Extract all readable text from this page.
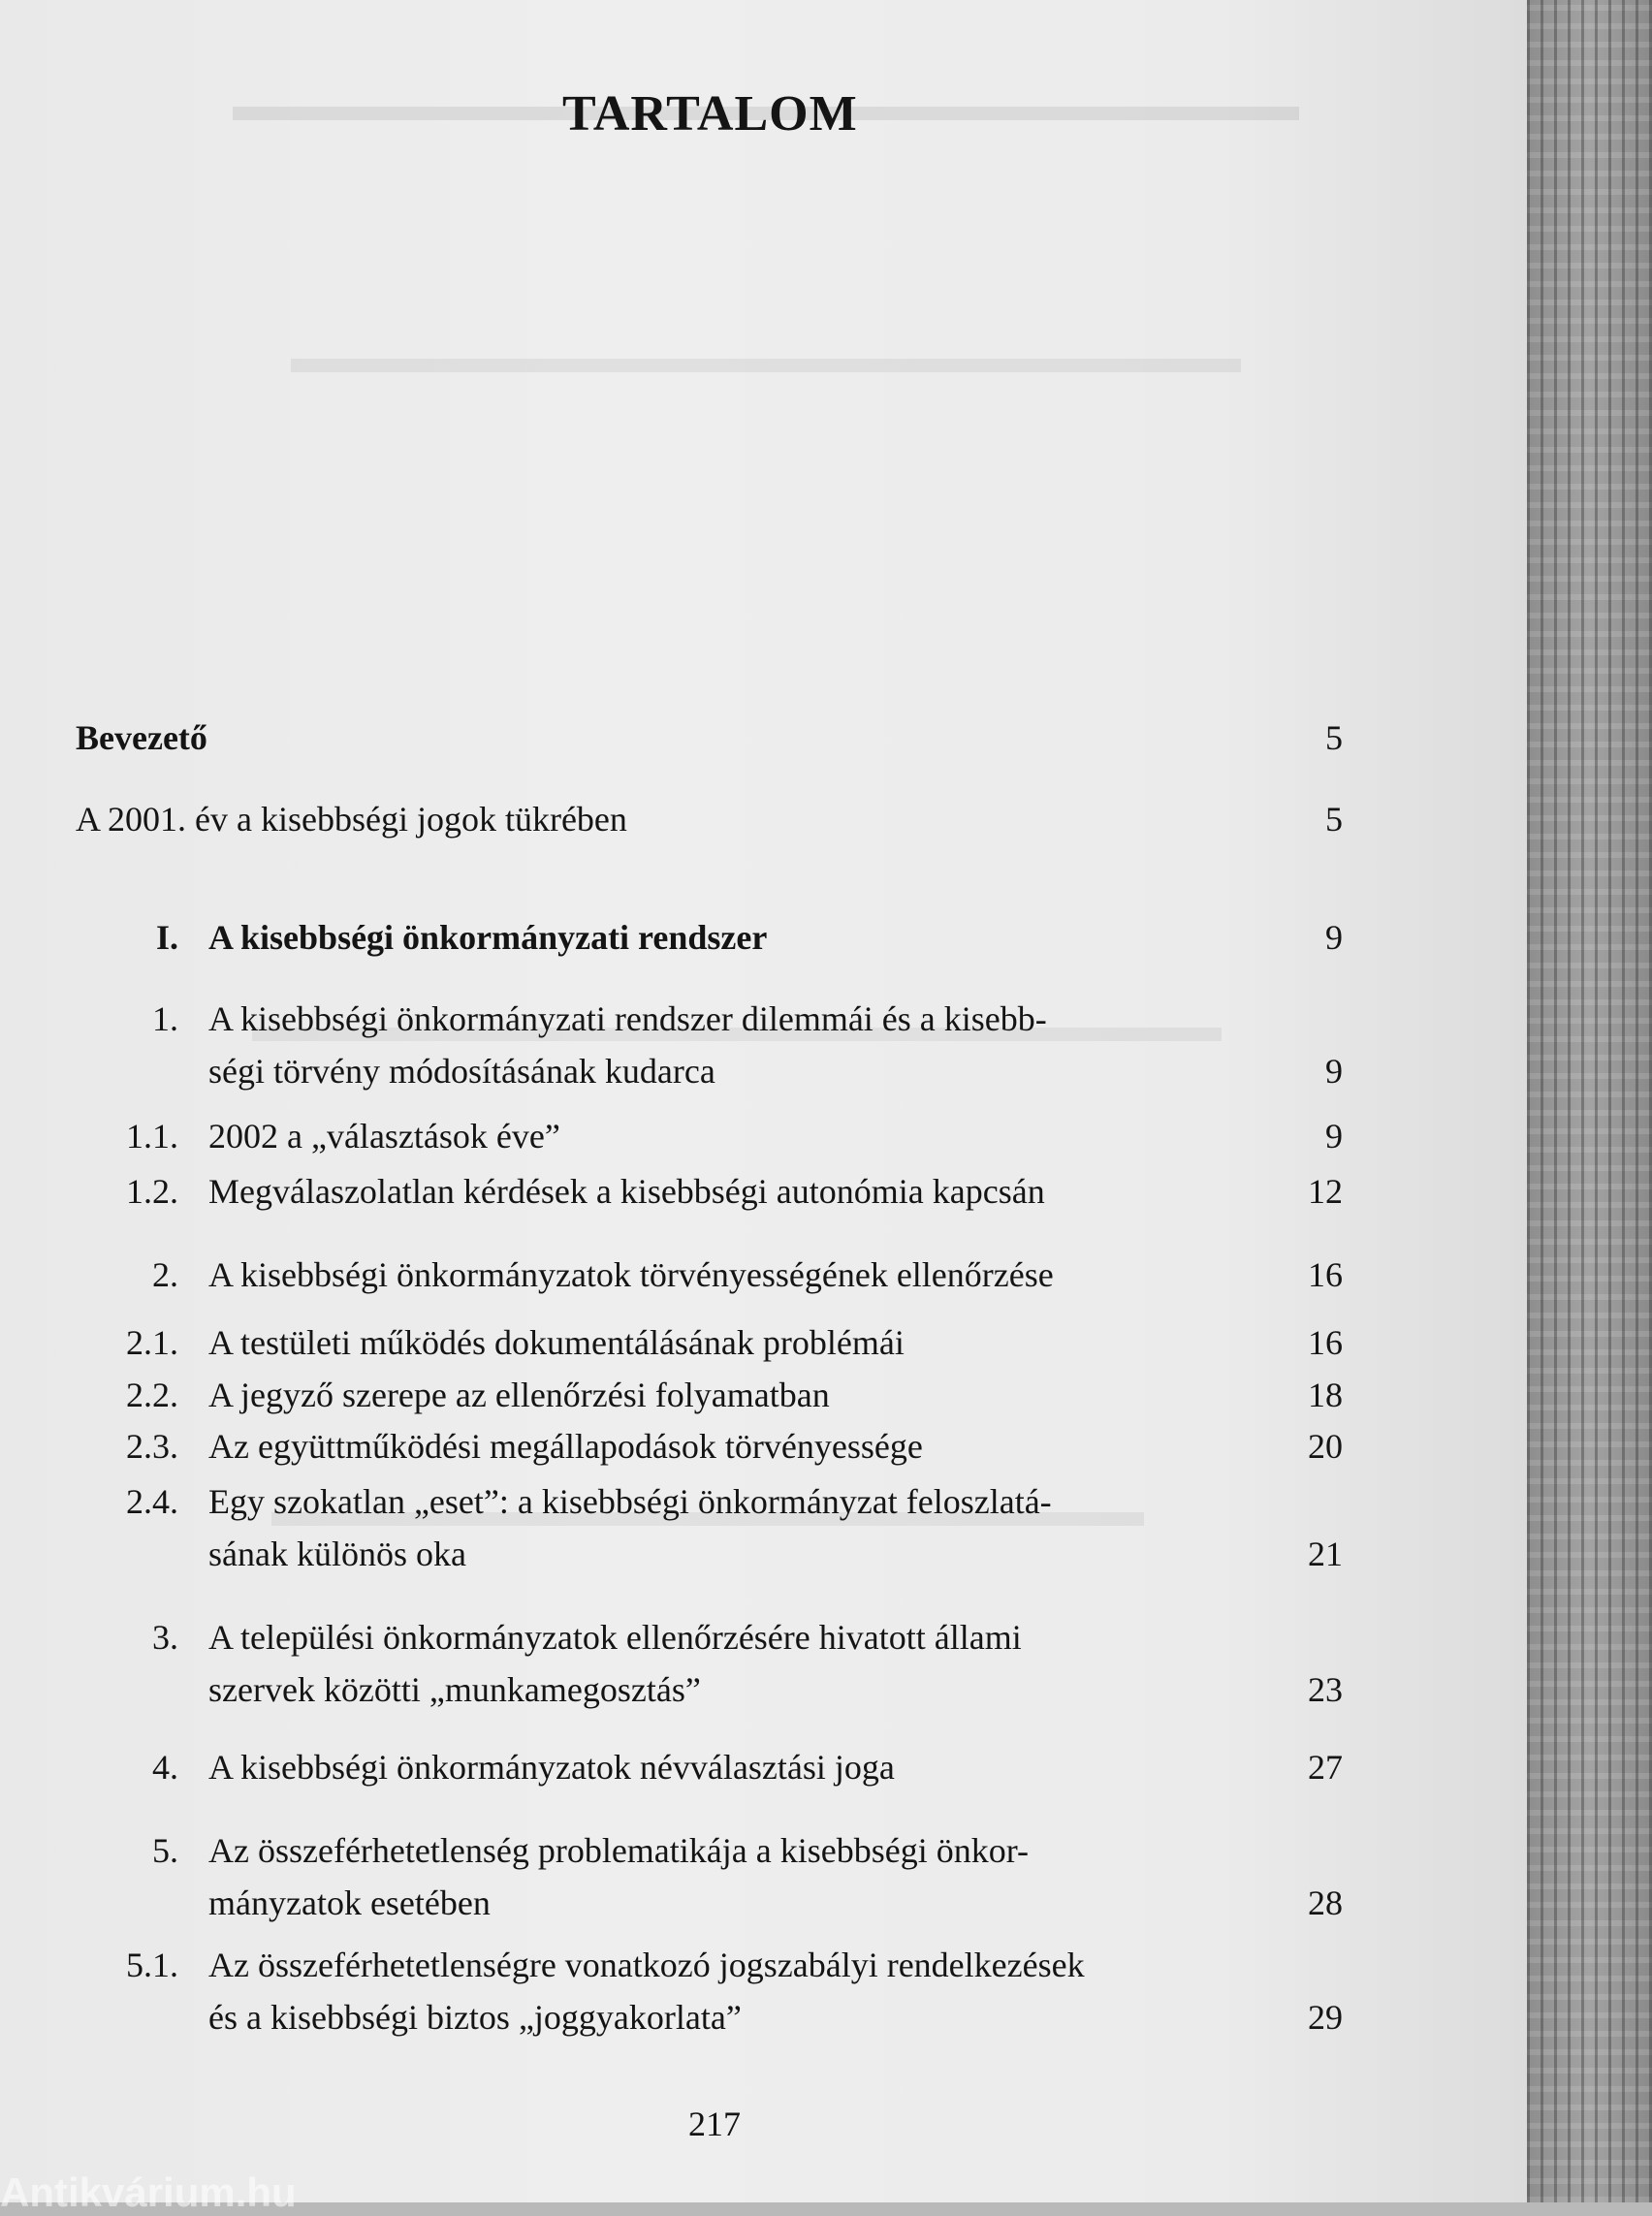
TARTALOM
Bevezető	5
A 2001. év a kisebbségi jogok tükrében	5
I. A kisebbségi önkormányzati rendszer	9
1. A kisebbségi önkormányzati rendszer dilemmái és a kisebb-
ségi törvény módosításának kudarca	9
1.1. 2002 a „választások éve”	9
1.2. Megválaszolatlan kérdések a kisebbségi autonómia kapcsán	12
2. A kisebbségi önkormányzatok törvényességének ellenőrzése	16
2.1. A testületi működés dokumentálásának problémái	16
2.2. A jegyző szerepe az ellenőrzési folyamatban	18
2.3. Az együttműködési megállapodások törvényessége	20
2.4. Egy szokatlan „eset”: a kisebbségi önkormányzat feloszlatá-
sának különös oka	21
3. A települési önkormányzatok ellenőrzésére hivatott állami
szervek közötti „munkamegosztás”	23
4. A kisebbségi önkormányzatok névválasztási joga	27
5. Az összeférhetetlenség problematikája a kisebbségi önkor-
mányzatok esetében	28
5.1. Az összeférhetetlenségre vonatkozó jogszabályi rendelkezések
és a kisebbségi biztos „joggyakorlata”	29
217
Antikvárium.hu
